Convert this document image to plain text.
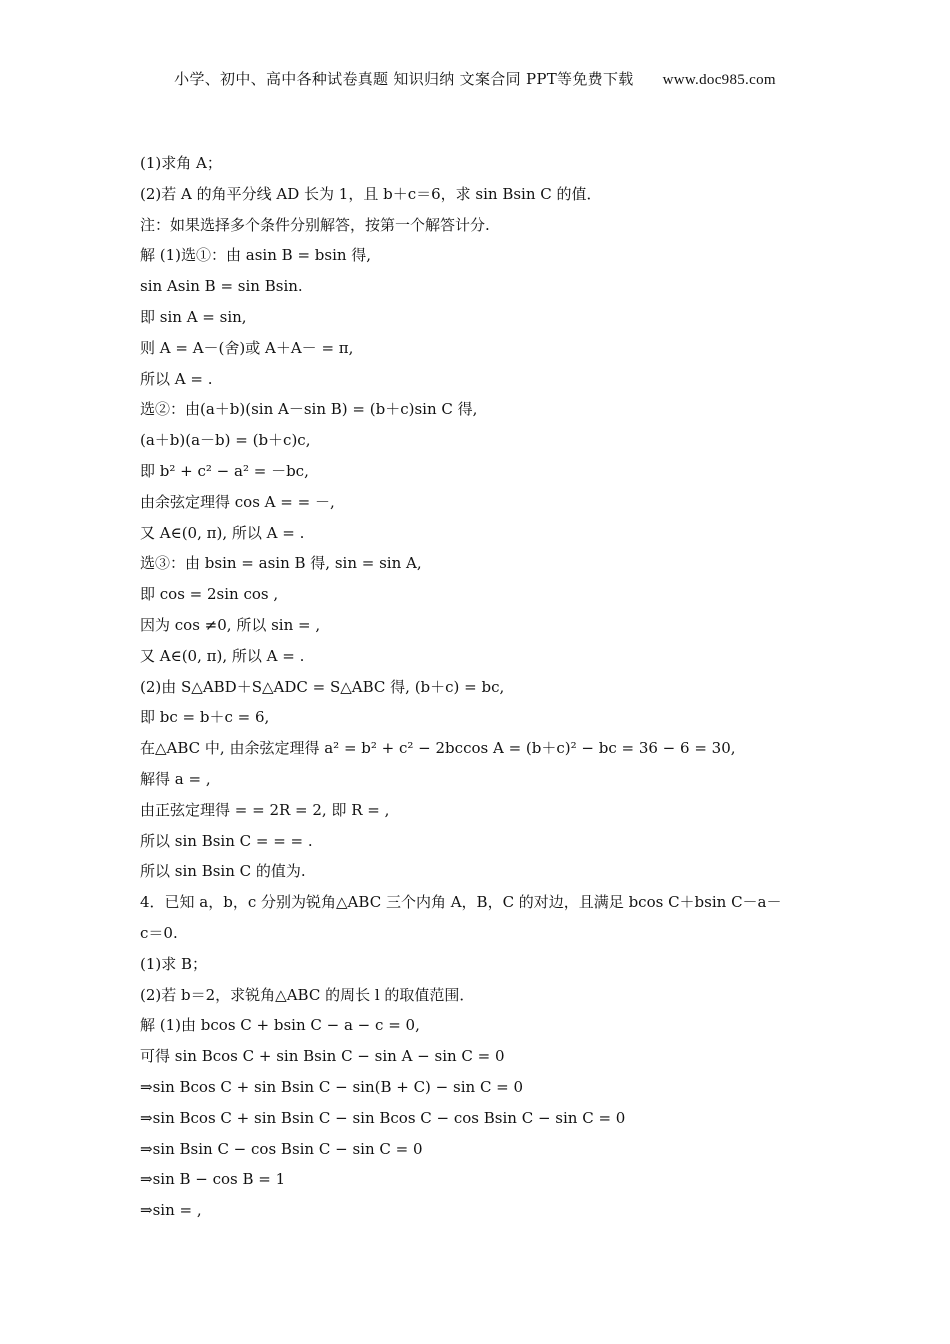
小学、初中、高中各种试卷真题 知识归纳 文案合同 PPT等免费下载 www.doc985.com
(1)求角 A；
(2)若 A 的角平分线 AD 长为 1，且 b＋c＝6，求 sin Bsin C 的值．
注：如果选择多个条件分别解答，按第一个解答计分.
解 (1)选①：由 asin B = bsin 得,
sin Asin B = sin Bsin.
即 sin A = sin,
则 A = A－(舍)或 A＋A－ = π,
所以 A = .
选②：由(a＋b)(sin A－sin B) = (b＋c)sin C 得,
(a＋b)(a－b) = (b＋c)c,
即 b² + c² − a² = －bc,
由余弦定理得 cos A = = －,
又 A∈(0, π), 所以 A = .
选③：由 bsin = asin B 得, sin = sin A,
即 cos = 2sin cos ,
因为 cos ≠0, 所以 sin = ,
又 A∈(0, π), 所以 A = .
(2)由 S△ABD＋S△ADC = S△ABC 得, (b＋c) = bc,
即 bc = b＋c = 6,
在△ABC 中, 由余弦定理得 a² = b² + c² − 2bccos A = (b＋c)² − bc = 36 − 6 = 30,
解得 a = ,
由正弦定理得 = = 2R = 2, 即 R = ,
所以 sin Bsin C = = = .
所以 sin Bsin C 的值为.
4．已知 a，b，c 分别为锐角△ABC 三个内角 A，B，C 的对边，且满足 bcos C＋bsin C－a－
c＝0.
(1)求 B；
(2)若 b＝2，求锐角△ABC 的周长 l 的取值范围．
解 (1)由 bcos C + bsin C − a − c = 0,
可得 sin Bcos C + sin Bsin C − sin A − sin C = 0
⇒sin Bcos C + sin Bsin C − sin(B + C) − sin C = 0
⇒sin Bcos C + sin Bsin C − sin Bcos C − cos Bsin C − sin C = 0
⇒sin Bsin C − cos Bsin C − sin C = 0
⇒sin B − cos B = 1
⇒sin = ,
